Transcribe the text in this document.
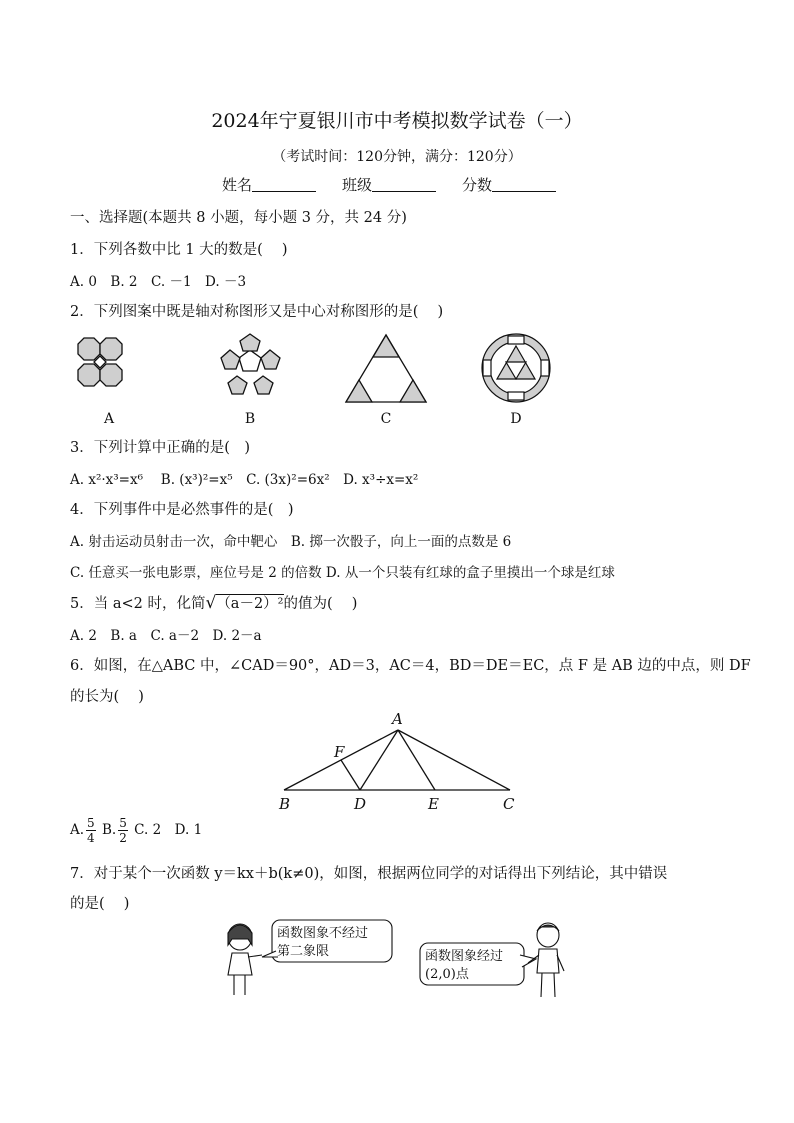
2024年宁夏银川市中考模拟数学试卷（一）
（考试时间：120分钟，满分：120分）
姓名	班级	分数
一、选择题(本题共 8 小题，每小题 3 分，共 24 分)
1．下列各数中比 1 大的数是(　 )
A. 0　B. 2　C. －1　D. －3
2．下列图案中既是轴对称图形又是中心对称图形的是(　 )
A	B	C	D
3．下列计算中正确的是(　)
A. x²·x³=x⁶　 B. (x³)²=x⁵　C. (3x)²=6x²　D. x³÷x=x²
4．下列事件中是必然事件的是(　)
A. 射击运动员射击一次，命中靶心　B. 掷一次骰子，向上一面的点数是 6
C. 任意买一张电影票，座位号是 2 的倍数 D. 从一个只装有红球的盒子里摸出一个球是红球
5．当 a<2 时，化简√（a－2）²的值为(　 )
A. 2　B. a　C. a－2　D. 2－a
6．如图，在△ABC 中，∠CAD＝90°，AD＝3，AC＝4，BD＝DE＝EC，点 F 是 AB 边的中点，则 DF
的长为(　 )
A
F
B	D	E	C
A. $\frac{5}{4} B$. $\frac{5}{2} C$. 2　D. 1
7．对于某个一次函数 y＝kx＋b(k≠0)，如图，根据两位同学的对话得出下列结论，其中错误
的是(　 )
函数图象不经过
第二象限	函数图象经过
(2,0)点
